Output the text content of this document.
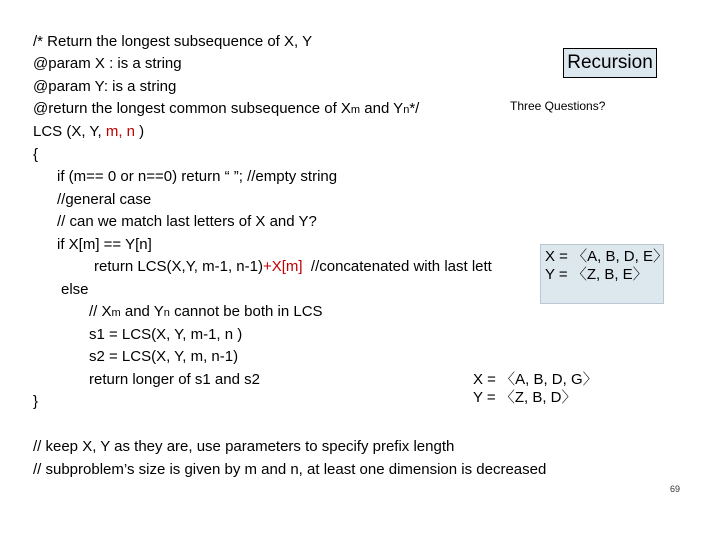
/* Return the longest subsequence of X, Y

@param X : is a string

@param Y: is a string

@return the longest common subsequence of Xm and Yn*/

LCS (X, Y, m, n )

{

if (m== 0 or n==0) return “ ”; //empty string

//general case

// can we match last letters of X and Y?

if X[m] == Y[n]

return LCS(X,Y, m-1, n-1)+X[m]  //concatenated with last lett

else

// Xm and Yn cannot be both in LCS

s1 = LCS(X, Y, m-1, n )

s2 = LCS(X, Y, m, n-1)

return longer of s1 and s2

}

Recursion
Three Questions?
X = 〈A, B, D, E〉
Y = 〈Z, B, E〉
X = 〈A, B, D, G〉
Y = 〈Z, B, D〉

// keep X, Y as they are, use parameters to specify prefix length

// subproblem’s size is given by m and n, at least one dimension is decreased

69
